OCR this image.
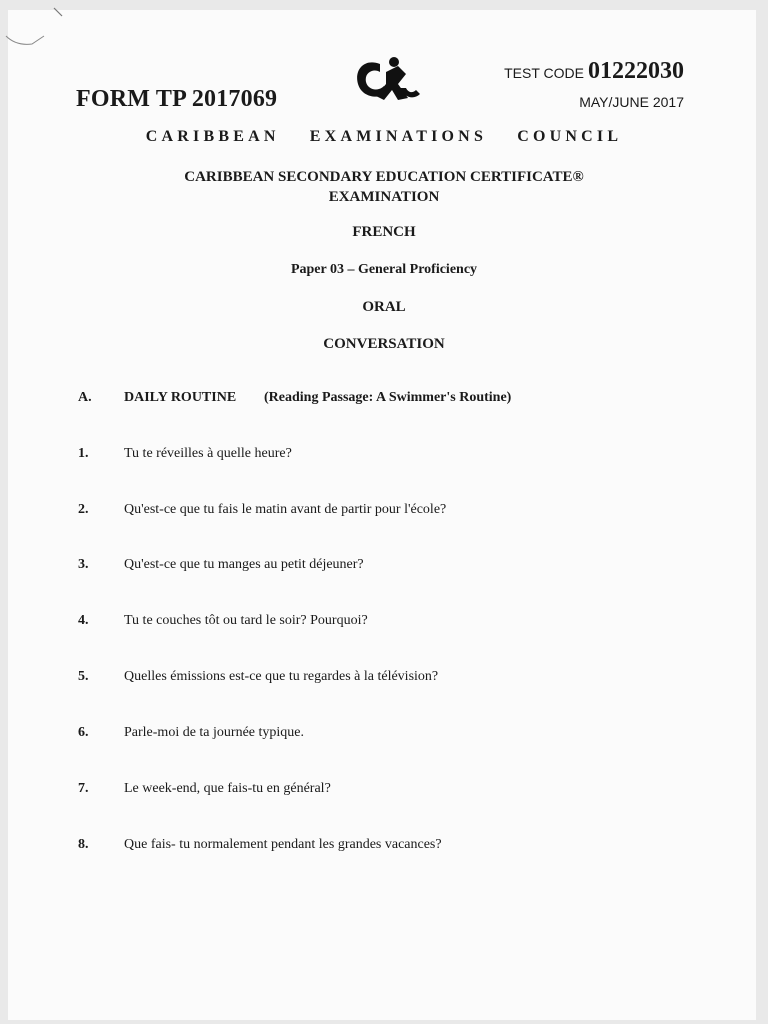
FORM TP 2017069
TEST CODE 01222030
MAY/JUNE 2017
CARIBBEAN EXAMINATIONS COUNCIL
CARIBBEAN SECONDARY EDUCATION CERTIFICATE®
EXAMINATION
FRENCH
Paper 03 – General Proficiency
ORAL
CONVERSATION
A. DAILY ROUTINE (Reading Passage: A Swimmer's Routine)
1.	Tu te réveilles à quelle heure?
2.	Qu'est-ce que tu fais le matin avant de partir pour l'école?
3.	Qu'est-ce que tu manges au petit déjeuner?
4.	Tu te couches tôt ou tard le soir? Pourquoi?
5.	Quelles émissions est-ce que tu regardes à la télévision?
6.	Parle-moi de ta journée typique.
7.	Le week-end, que fais-tu en général?
8.	Que fais- tu normalement pendant les grandes vacances?
